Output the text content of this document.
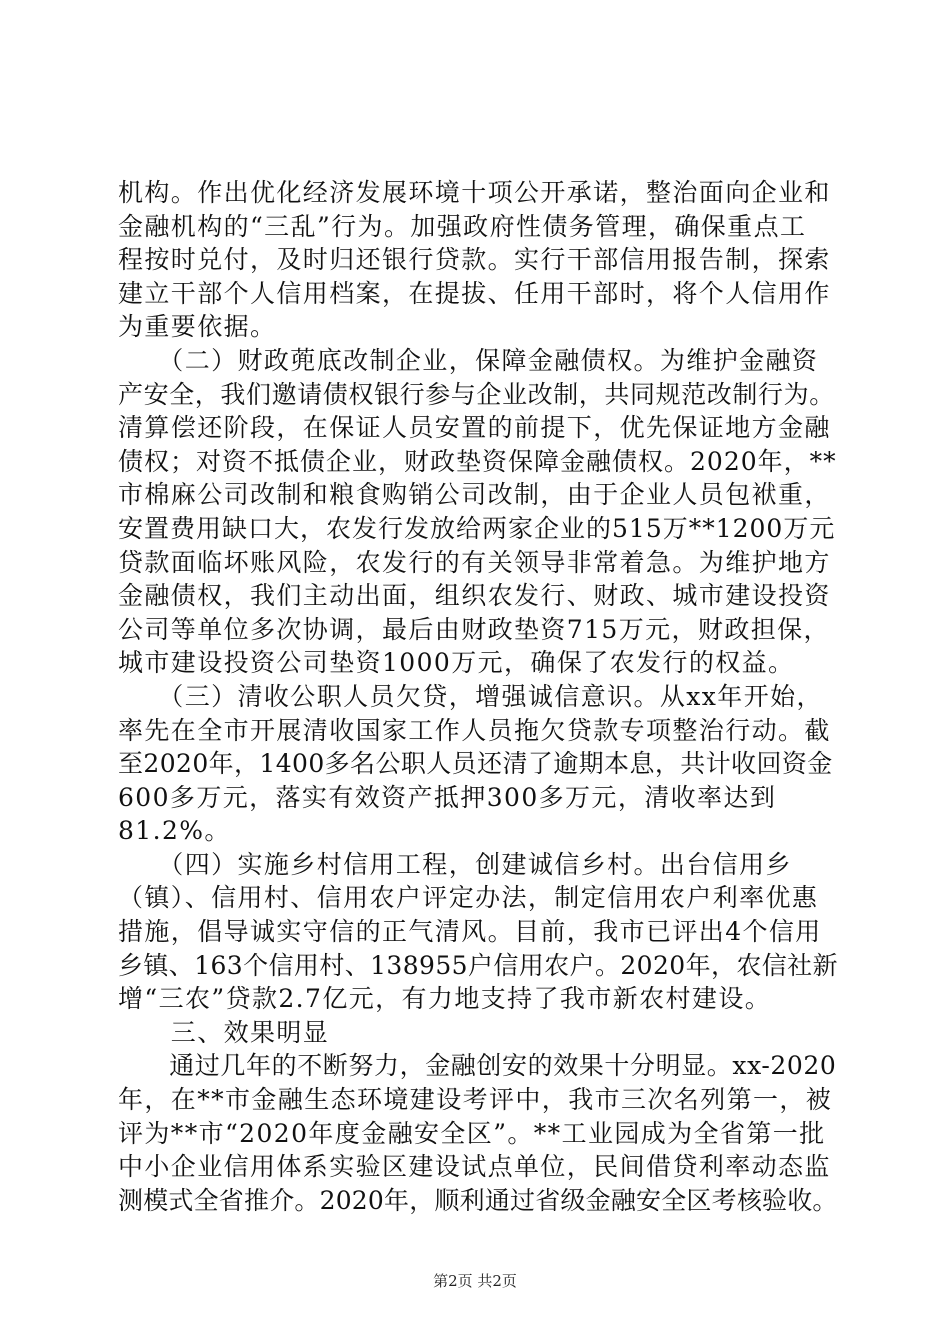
机构。作出优化经济发展环境十项公开承诺，整治面向企业和
金融机构的“三乱”行为。加强政府性债务管理，确保重点工
程按时兑付，及时归还银行贷款。实行干部信用报告制，探索
建立干部个人信用档案，在提拔、任用干部时，将个人信用作
为重要依据。
　　（二）财政蔸底改制企业，保障金融债权。为维护金融资
产安全，我们邀请债权银行参与企业改制，共同规范改制行为。
清算偿还阶段，在保证人员安置的前提下，优先保证地方金融
债权；对资不抵债企业，财政垫资保障金融债权。2020年，**
市棉麻公司改制和粮食购销公司改制，由于企业人员包袱重，
安置费用缺口大，农发行发放给两家企业的515万**1200万元
贷款面临坏账风险，农发行的有关领导非常着急。为维护地方
金融债权，我们主动出面，组织农发行、财政、城市建设投资
公司等单位多次协调，最后由财政垫资715万元，财政担保，
城市建设投资公司垫资1000万元，确保了农发行的权益。
　　（三）清收公职人员欠贷，增强诚信意识。从xx年开始，
率先在全市开展清收国家工作人员拖欠贷款专项整治行动。截
至2020年，1400多名公职人员还清了逾期本息，共计收回资金
600多万元，落实有效资产抵押300多万元，清收率达到
81.2%。
　　（四）实施乡村信用工程，创建诚信乡村。出台信用乡
（镇）、信用村、信用农户评定办法，制定信用农户利率优惠
措施，倡导诚实守信的正气清风。目前，我市已评出4个信用
乡镇、163个信用村、138955户信用农户。2020年，农信社新
增“三农”贷款2.7亿元，有力地支持了我市新农村建设。
　　三、效果明显
　　通过几年的不断努力，金融创安的效果十分明显。xx-2020
年，在**市金融生态环境建设考评中，我市三次名列第一，被
评为**市“2020年度金融安全区”。**工业园成为全省第一批
中小企业信用体系实验区建设试点单位，民间借贷利率动态监
测模式全省推介。2020年，顺利通过省级金融安全区考核验收。
第2页 共2页
